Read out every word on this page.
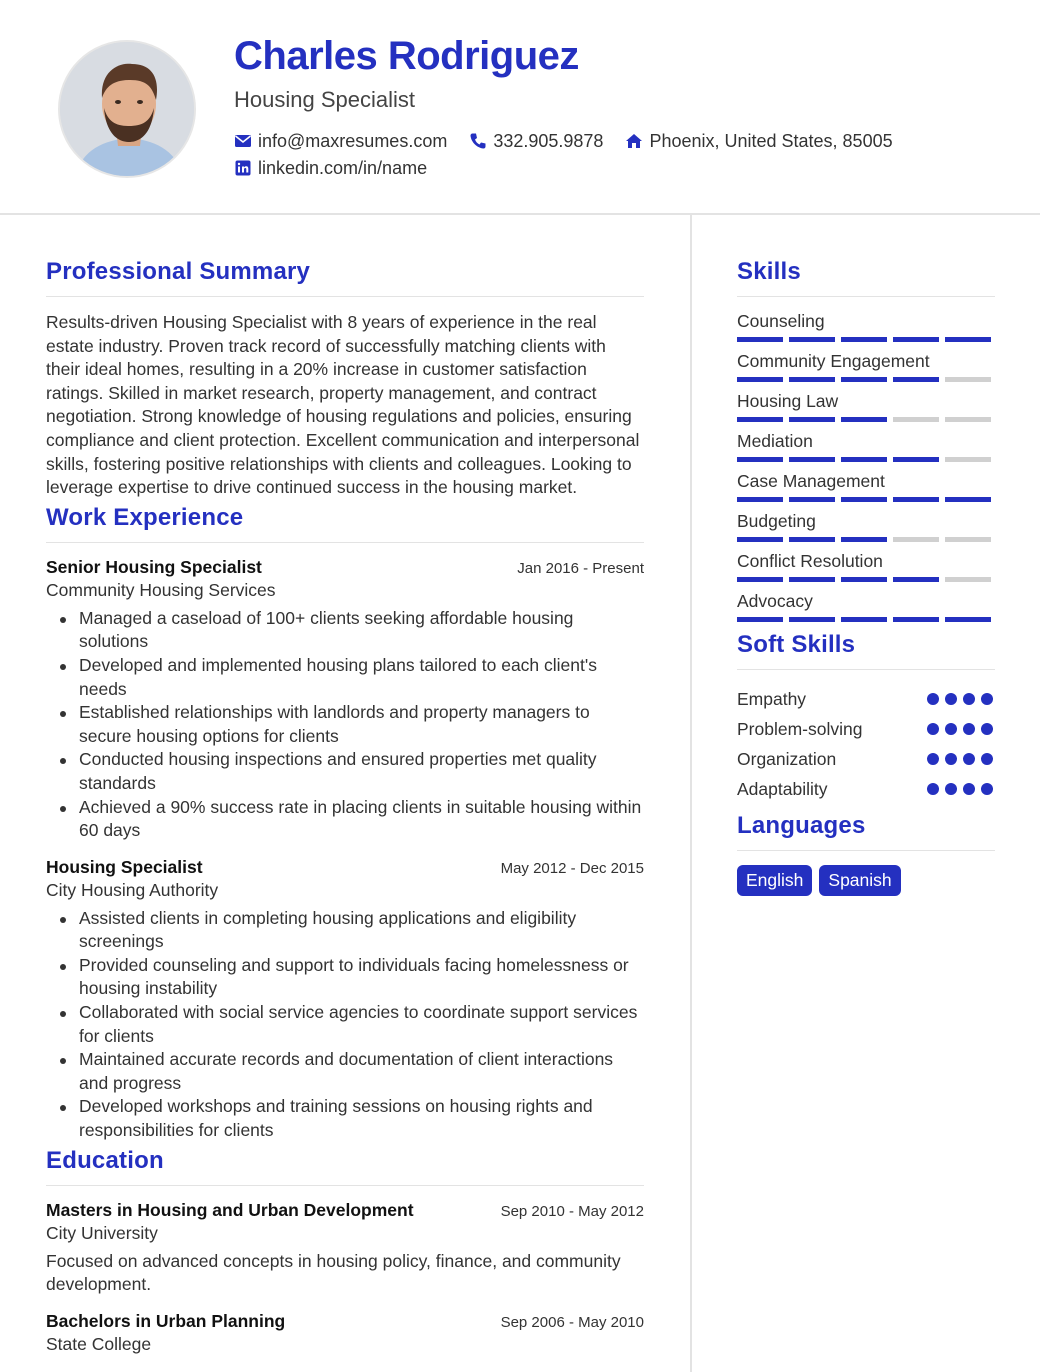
Charles Rodriguez
Housing Specialist
info@maxresumes.com	332.905.9878	Phoenix, United States, 85005
linkedin.com/in/name
Professional Summary
Results-driven Housing Specialist with 8 years of experience in the real estate industry. Proven track record of successfully matching clients with their ideal homes, resulting in a 20% increase in customer satisfaction ratings. Skilled in market research, property management, and contract negotiation. Strong knowledge of housing regulations and policies, ensuring compliance and client protection. Excellent communication and interpersonal skills, fostering positive relationships with clients and colleagues. Looking to leverage expertise to drive continued success in the housing market.
Work Experience
Senior Housing Specialist	Jan 2016 - Present
Community Housing Services
Managed a caseload of 100+ clients seeking affordable housing solutions
Developed and implemented housing plans tailored to each client's needs
Established relationships with landlords and property managers to secure housing options for clients
Conducted housing inspections and ensured properties met quality standards
Achieved a 90% success rate in placing clients in suitable housing within 60 days
Housing Specialist	May 2012 - Dec 2015
City Housing Authority
Assisted clients in completing housing applications and eligibility screenings
Provided counseling and support to individuals facing homelessness or housing instability
Collaborated with social service agencies to coordinate support services for clients
Maintained accurate records and documentation of client interactions and progress
Developed workshops and training sessions on housing rights and responsibilities for clients
Education
Masters in Housing and Urban Development	Sep 2010 - May 2012
City University
Focused on advanced concepts in housing policy, finance, and community development.
Bachelors in Urban Planning	Sep 2006 - May 2010
State College
Skills
Counseling
Community Engagement
Housing Law
Mediation
Case Management
Budgeting
Conflict Resolution
Advocacy
Soft Skills
Empathy
Problem-solving
Organization
Adaptability
Languages
English	Spanish
